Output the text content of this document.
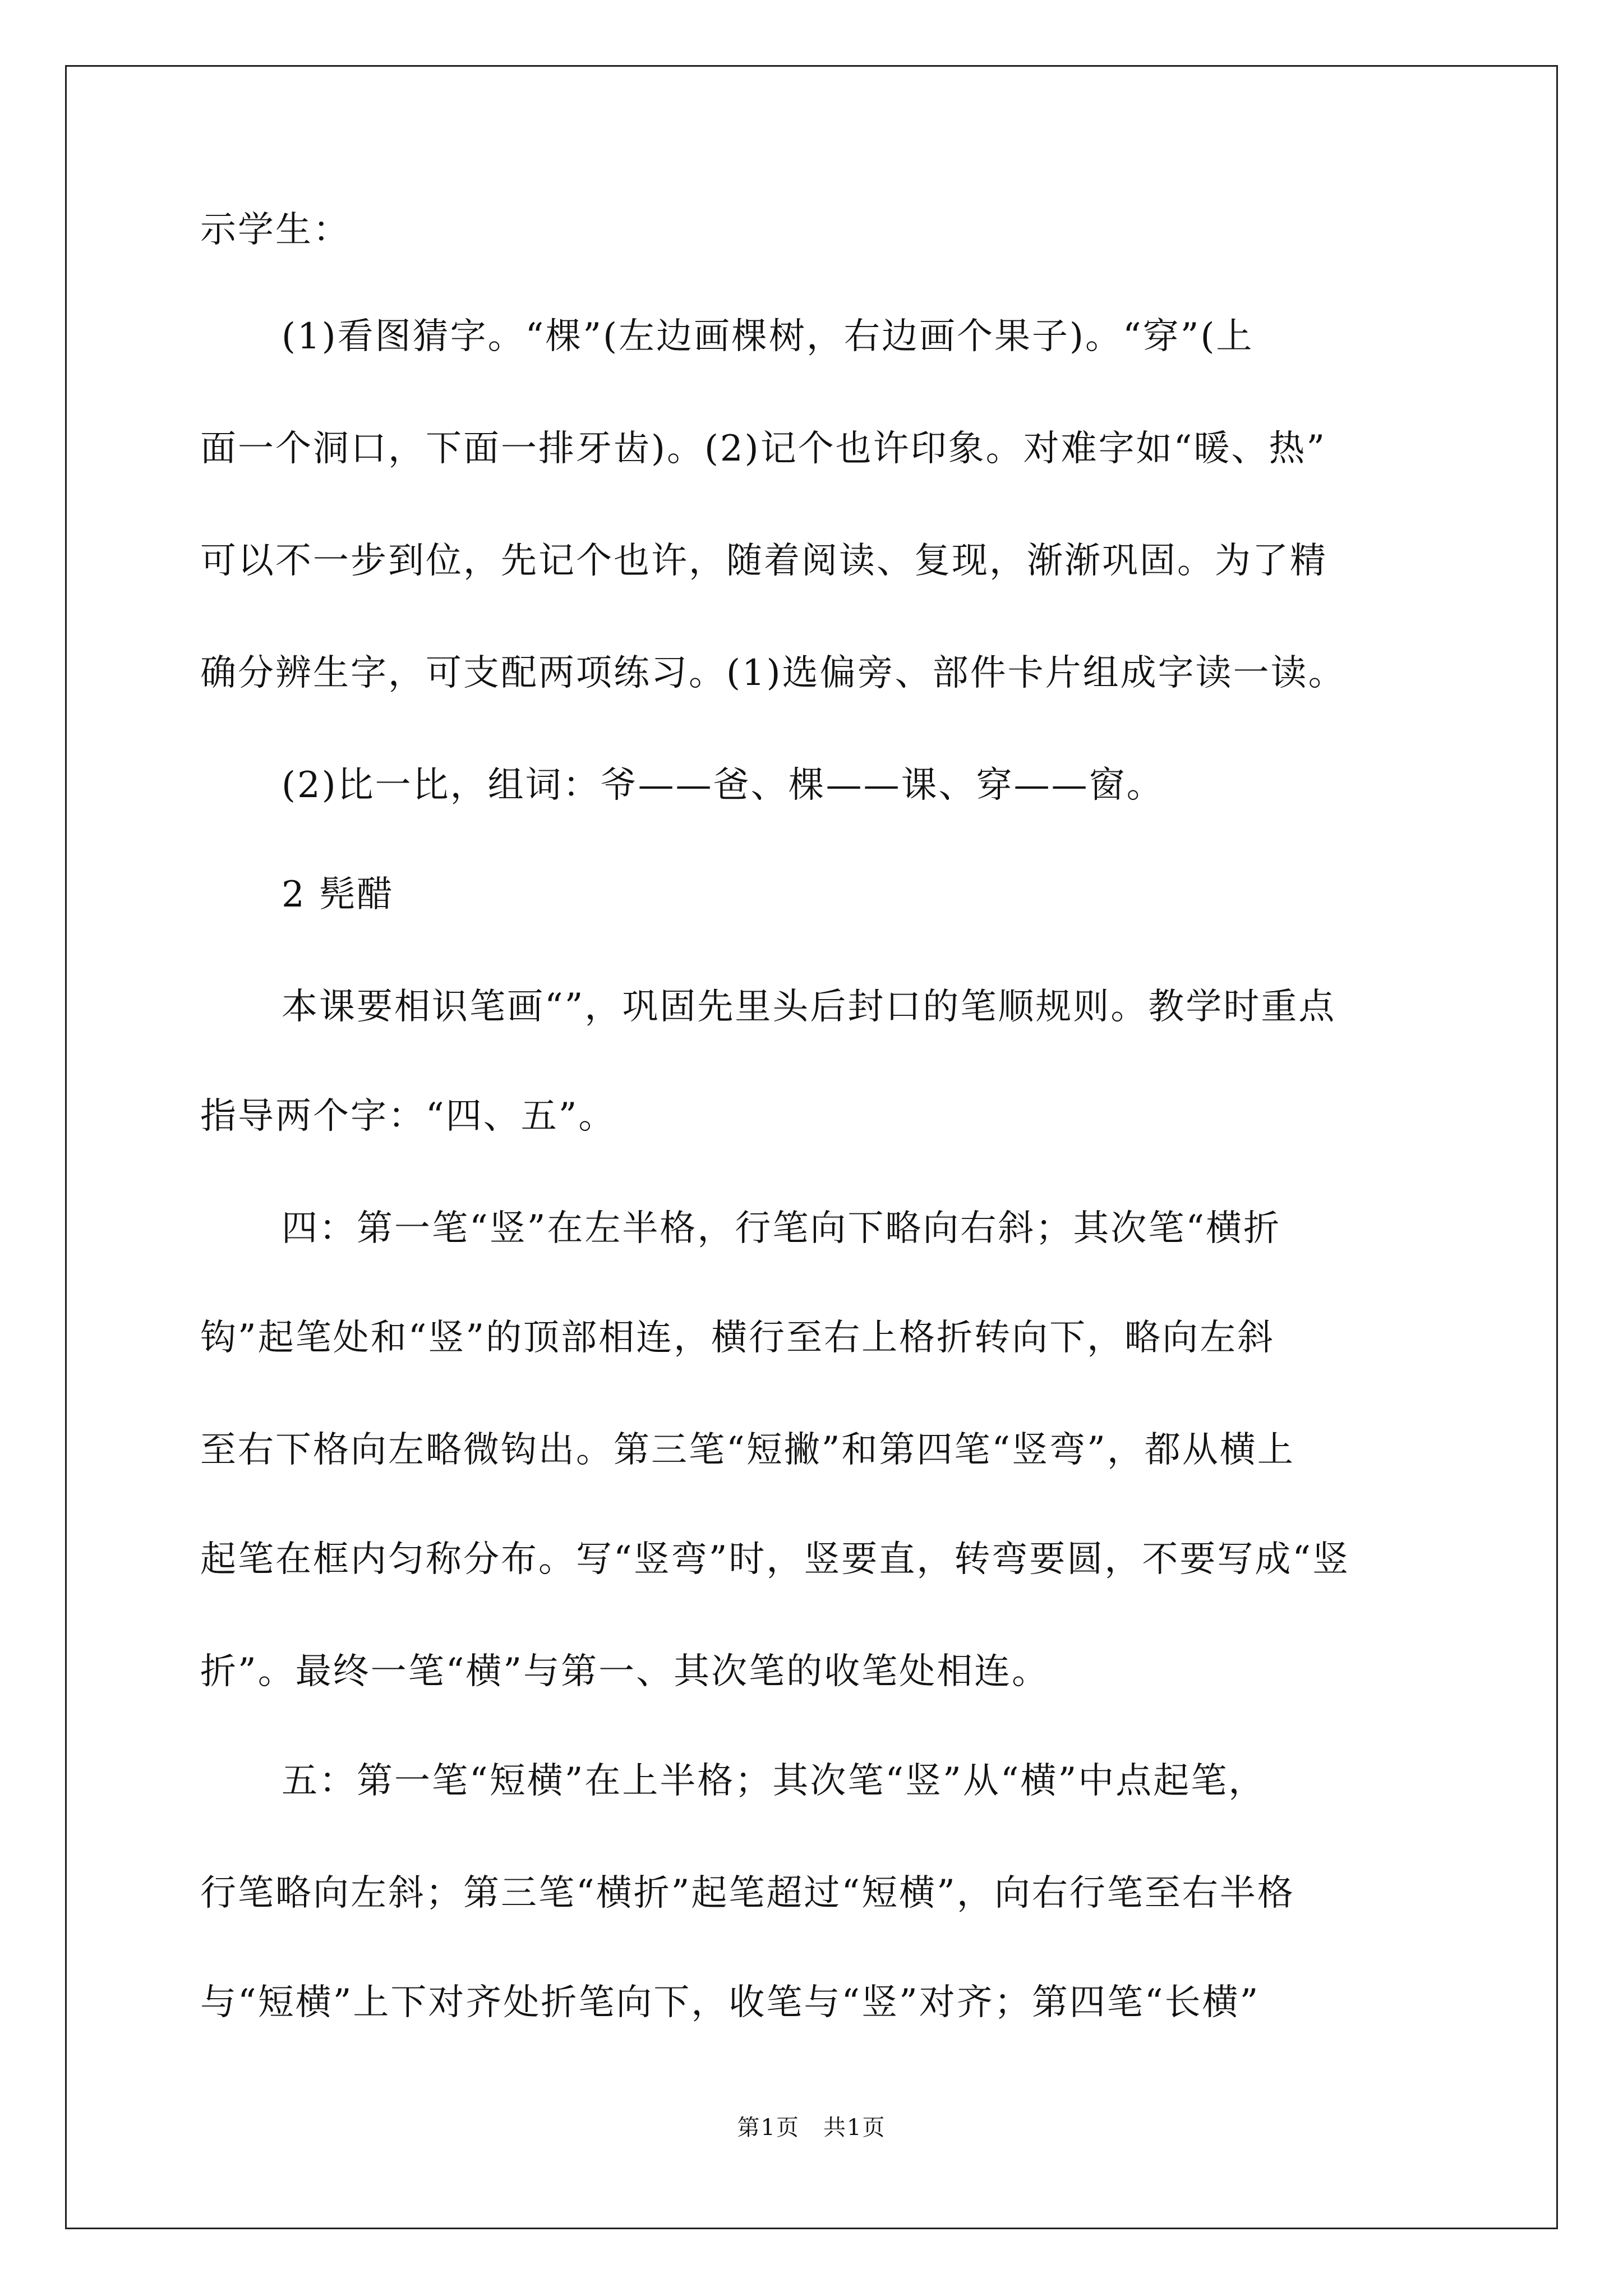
示学生：
(1)看图猜字。“棵”(左边画棵树，右边画个果子)。“穿”(上
面一个洞口，下面一排牙齿)。(2)记个也许印象。对难字如“暖、热”
可以不一步到位，先记个也许，随着阅读、复现，渐渐巩固。为了精
确分辨生字，可支配两项练习。(1)选偏旁、部件卡片组成字读一读。
(2)比一比，组词：爷——爸、棵——课、穿——窗。
2 髡醋
本课要相识笔画“”，巩固先里头后封口的笔顺规则。教学时重点
指导两个字：“四、五”。
四：第一笔“竖”在左半格，行笔向下略向右斜；其次笔“横折
钩”起笔处和“竖”的顶部相连，横行至右上格折转向下，略向左斜
至右下格向左略微钩出。第三笔“短撇”和第四笔“竖弯”，都从横上
起笔在框内匀称分布。写“竖弯”时，竖要直，转弯要圆，不要写成“竖
折”。最终一笔“横”与第一、其次笔的收笔处相连。
五：第一笔“短横”在上半格；其次笔“竖”从“横”中点起笔，
行笔略向左斜；第三笔“横折”起笔超过“短横”，向右行笔至右半格
与“短横”上下对齐处折笔向下，收笔与“竖”对齐；第四笔“长横”
第1页　共1页
